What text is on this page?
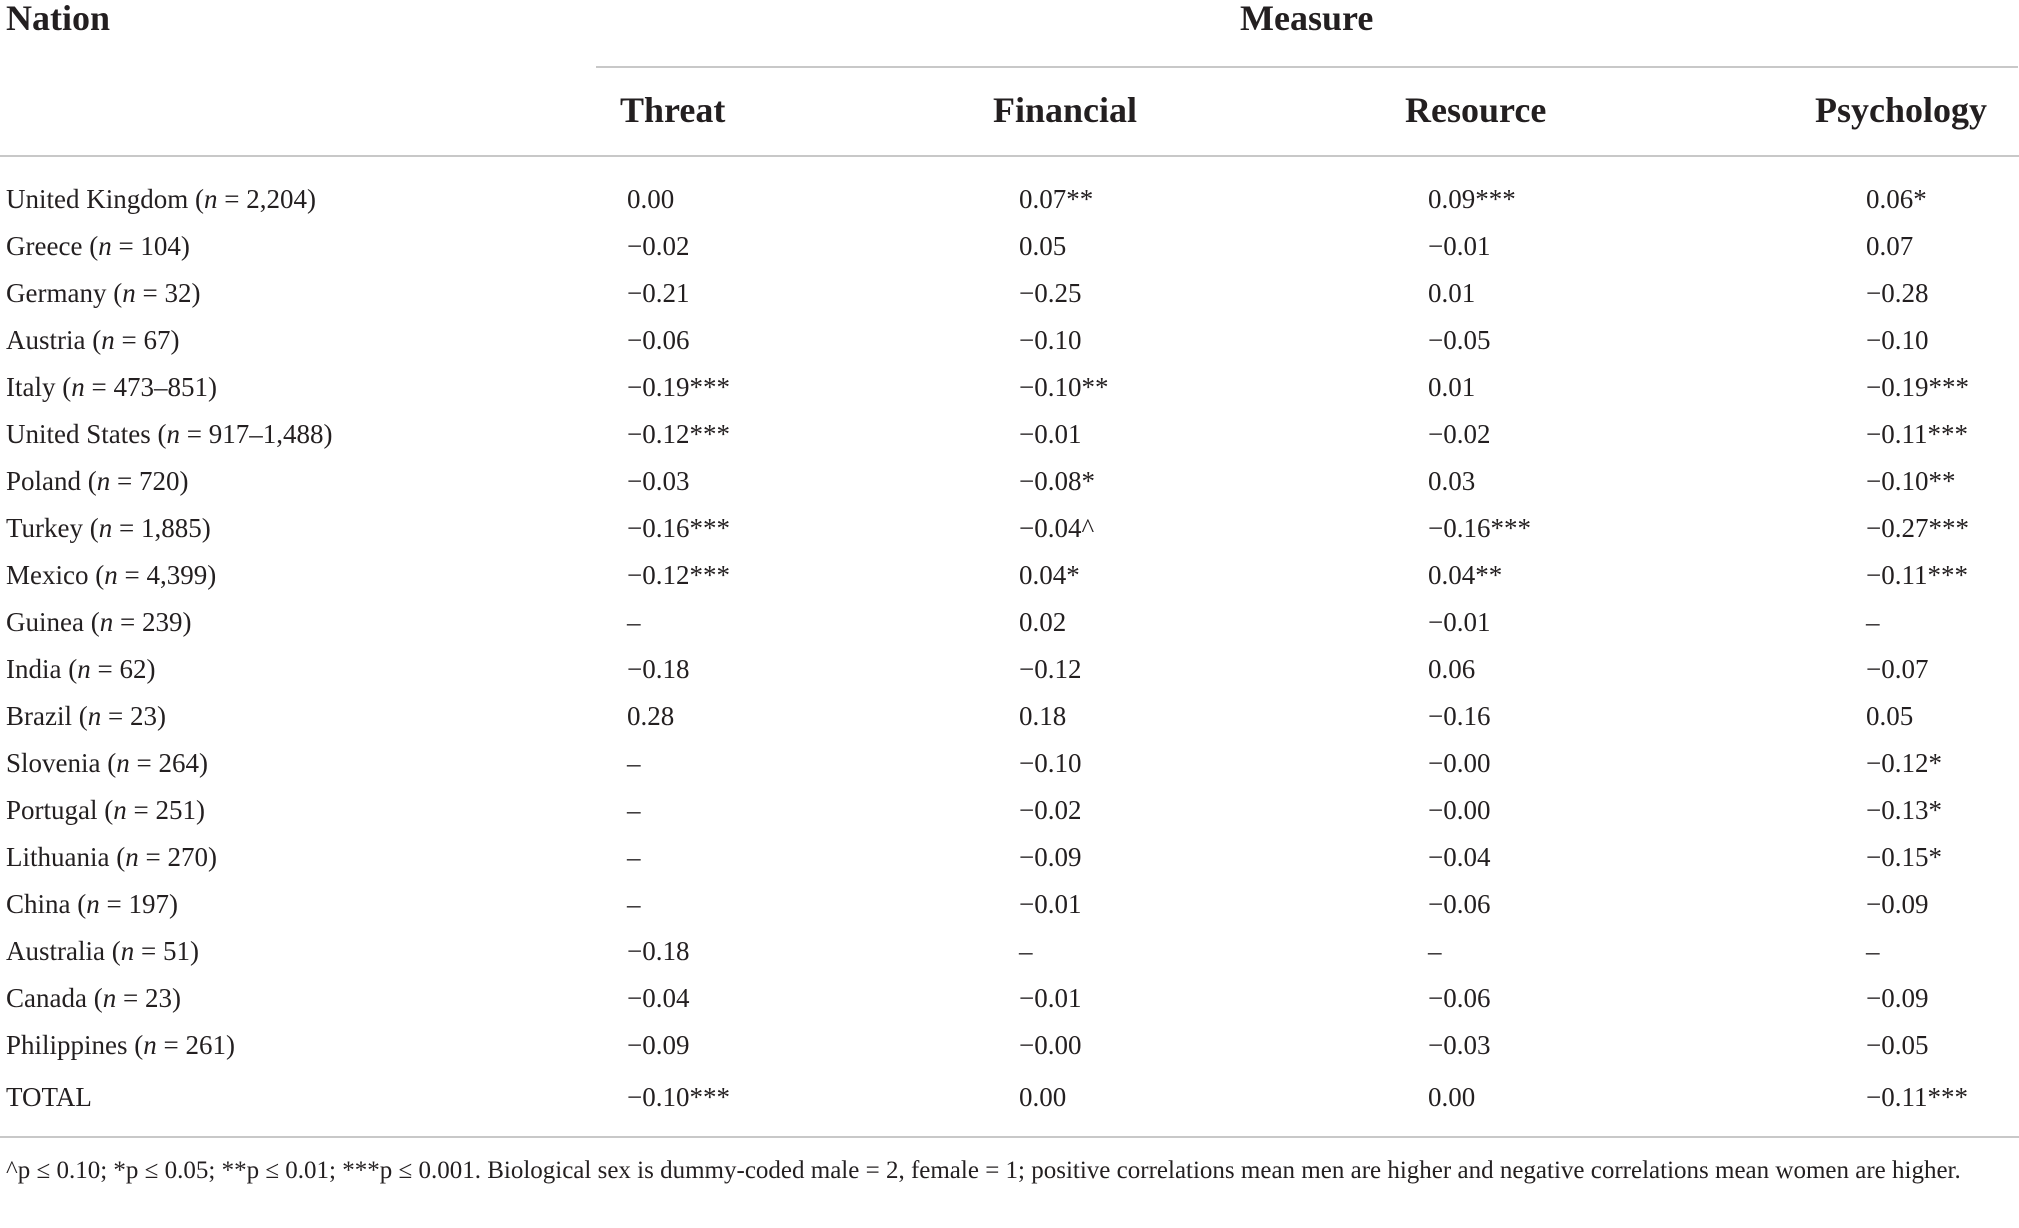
Nation	Measure
Threat	Financial	Resource	Psychology
United Kingdom (n = 2,204)	0.00	0.07**	0.09***	0.06*
Greece (n = 104)	−0.02	0.05	−0.01	0.07
Germany (n = 32)	−0.21	−0.25	0.01	−0.28
Austria (n = 67)	−0.06	−0.10	−0.05	−0.10
Italy (n = 473–851)	−0.19***	−0.10**	0.01	−0.19***
United States (n = 917–1,488)	−0.12***	−0.01	−0.02	−0.11***
Poland (n = 720)	−0.03	−0.08*	0.03	−0.10**
Turkey (n = 1,885)	−0.16***	−0.04^	−0.16***	−0.27***
Mexico (n = 4,399)	−0.12***	0.04*	0.04**	−0.11***
Guinea (n = 239)	–	0.02	−0.01	–
India (n = 62)	−0.18	−0.12	0.06	−0.07
Brazil (n = 23)	0.28	0.18	−0.16	0.05
Slovenia (n = 264)	–	−0.10	−0.00	−0.12*
Portugal (n = 251)	–	−0.02	−0.00	−0.13*
Lithuania (n = 270)	–	−0.09	−0.04	−0.15*
China (n = 197)	–	−0.01	−0.06	−0.09
Australia (n = 51)	−0.18	–	–	–
Canada (n = 23)	−0.04	−0.01	−0.06	−0.09
Philippines (n = 261)	−0.09	−0.00	−0.03	−0.05
TOTAL	−0.10***	0.00	0.00	−0.11***
^p ≤ 0.10; *p ≤ 0.05; **p ≤ 0.01; ***p ≤ 0.001. Biological sex is dummy-coded male = 2, female = 1; positive correlations mean men are higher and negative correlations mean women are higher.
